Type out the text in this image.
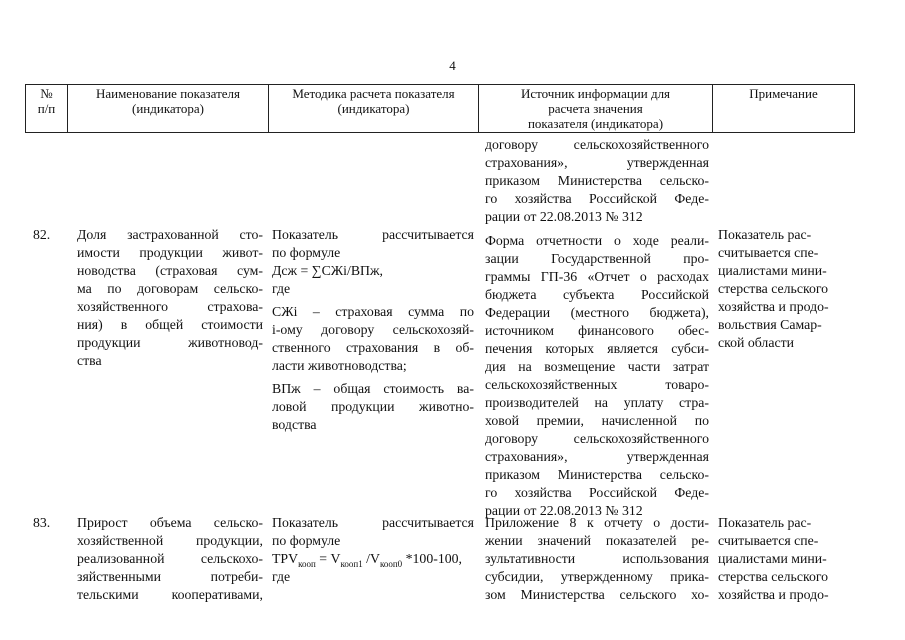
4
№
п/п
Наименование показателя
(индикатора)
Методика расчета показателя
(индикатора)
Источник информации для
расчета значения
показателя (индикатора)
Примечание
договору сельскохозяйственного
страхования», утвержденная
приказом Министерства сельско-
го хозяйства Российской Феде-
рации от 22.08.2013 № 312
82.	Доля застрахованной сто-
имости продукции живот-
новодства (страховая сум-
ма по договорам сельско-
хозяйственного страхова-
ния) в общей стоимости
продукции животновод-
ства
Показатель рассчитывается
по формуле
Дсж = ∑СЖi/ВПж,
где
СЖi – страховая сумма по
i-ому договору сельскохозяй-
ственного страхования в об-
ласти животноводства;
ВПж – общая стоимость ва-
ловой продукции животно-
водства
Форма отчетности о ходе реали-
зации Государственной про-
граммы ГП-36 «Отчет о расходах
бюджета субъекта Российской
Федерации (местного бюджета),
источником финансового обес-
печения которых является субси-
дия на возмещение части затрат
сельскохозяйственных товаро-
производителей на уплату стра-
ховой премии, начисленной по
договору сельскохозяйственного
страхования», утвержденная
приказом Министерства сельско-
го хозяйства Российской Феде-
рации от 22.08.2013 № 312
Показатель рас-
считывается спе-
циалистами мини-
стерства сельского
хозяйства и продо-
вольствия Самар-
ской области
83.	Прирост объема сельско-
хозяйственной продукции,
реализованной сельскохо-
зяйственными потреби-
тельскими кооперативами,
Показатель рассчитывается
по формуле
$TPV_{кооп} = V_{кооп1}$ $/V_{кооп0}$ *100-100,
где
Приложение 8 к отчету о дости-
жении значений показателей ре-
зультативности использования
субсидии, утвержденному прика-
зом Министерства сельского хо-
Показатель рас-
считывается спе-
циалистами мини-
стерства сельского
хозяйства и продо-
